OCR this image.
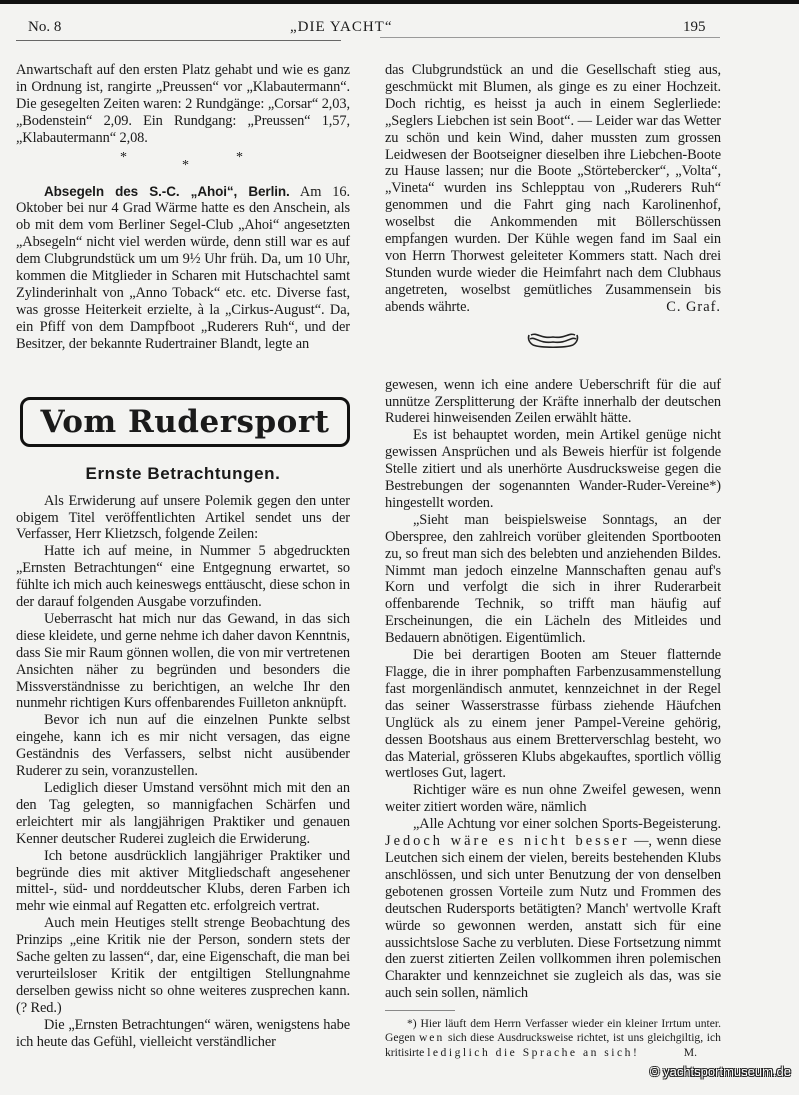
No. 8	„DIE YACHT“	195

Anwartschaft auf den ersten Platz gehabt und wie es ganz in Ordnung ist, rangirte „Preussen“ vor „Klabautermann“. Die gesegelten Zeiten waren: 2 Rundgänge: „Corsar“ 2,03, „Bodenstein“ 2,09. Ein Rundgang: „Preussen“ 1,57, „Klabautermann“ 2,08.

*
*
*

Absegeln des S.-C. „Ahoi“, Berlin. Am 16. Oktober bei nur 4 Grad Wärme hatte es den Anschein, als ob mit dem vom Berliner Segel-Club „Ahoi“ angesetzten „Absegeln“ nicht viel werden würde, denn still war es auf dem Clubgrundstück um um 9½ Uhr früh. Da, um 10 Uhr, kommen die Mitglieder in Scharen mit Hutschachtel samt Zylinderinhalt von „Anno Toback“ etc. etc. Diverse fast, was grosse Heiterkeit erzielte, à la „Cirkus-August“. Da, ein Pfiff von dem Dampfboot „Ruderers Ruh“, und der Besitzer, der bekannte Rudertrainer Blandt, legte an

Vom Rudersport
Ernste Betrachtungen.

Als Erwiderung auf unsere Polemik gegen den unter obigem Titel veröffentlichten Artikel sendet uns der Verfasser, Herr Klietzsch, folgende Zeilen:

Hatte ich auf meine, in Nummer 5 abgedruckten „Ernsten Betrachtungen“ eine Entgegnung erwartet, so fühlte ich mich auch keineswegs enttäuscht, diese schon in der darauf folgenden Ausgabe vorzufinden.

Ueberrascht hat mich nur das Gewand, in das sich diese kleidete, und gerne nehme ich daher davon Kenntnis, dass Sie mir Raum gönnen wollen, die von mir vertretenen Ansichten näher zu begründen und besonders die Missverständnisse zu berichtigen, an welche Ihr den nunmehr richtigen Kurs offenbarendes Fuilleton anknüpft.

Bevor ich nun auf die einzelnen Punkte selbst eingehe, kann ich es mir nicht versagen, das eigne Geständnis des Verfassers, selbst nicht ausübender Ruderer zu sein, voranzustellen.

Lediglich dieser Umstand versöhnt mich mit den an den Tag gelegten, so mannigfachen Schärfen und erleichtert mir als langjährigen Praktiker und genauen Kenner deutscher Ruderei zugleich die Erwiderung.

Ich betone ausdrücklich langjähriger Praktiker und begründe dies mit aktiver Mitgliedschaft angesehener mittel-, süd- und norddeutscher Klubs, deren Farben ich mehr wie einmal auf Regatten etc. erfolgreich vertrat.

Auch mein Heutiges stellt strenge Beobachtung des Prinzips „eine Kritik nie der Person, sondern stets der Sache gelten zu lassen“, dar, eine Eigenschaft, die man bei verurteilsloser Kritik der entgiltigen Stellungnahme derselben gewiss nicht so ohne weiteres zusprechen kann. (? Red.)

Die „Ernsten Betrachtungen“ wären, wenigstens habe ich heute das Gefühl, vielleicht verständlicher

das Clubgrundstück an und die Gesellschaft stieg aus, geschmückt mit Blumen, als ginge es zu einer Hochzeit. Doch richtig, es heisst ja auch in einem Seglerliede: „Seglers Liebchen ist sein Boot“. — Leider war das Wetter zu schön und kein Wind, daher mussten zum grossen Leidwesen der Bootseigner dieselben ihre Liebchen-Boote zu Hause lassen; nur die Boote „Störtebercker“, „Volta“, „Vineta“ wurden ins Schlepptau von „Ruderers Ruh“ genommen und die Fahrt ging nach Karolinenhof, woselbst die Ankommenden mit Böllerschüssen empfangen wurden. Der Kühle wegen fand im Saal ein von Herrn Thorwest geleiteter Kommers statt. Nach drei Stunden wurde wieder die Heimfahrt nach dem Clubhaus angetreten, woselbst gemütliches Zusammensein bis abends währte.	C. Graf.

gewesen, wenn ich eine andere Ueberschrift für die auf unnütze Zersplitterung der Kräfte innerhalb der deutschen Ruderei hinweisenden Zeilen erwählt hätte.

Es ist behauptet worden, mein Artikel genüge nicht gewissen Ansprüchen und als Beweis hierfür ist folgende Stelle zitiert und als unerhörte Ausdrucksweise gegen die Bestrebungen der sogenannten Wander-Ruder-Vereine*) hingestellt worden.

„Sieht man beispielsweise Sonntags, an der Oberspree, den zahlreich vorüber gleitenden Sportbooten zu, so freut man sich des belebten und anziehenden Bildes. Nimmt man jedoch einzelne Mannschaften genau auf's Korn und verfolgt die sich in ihrer Ruderarbeit offenbarende Technik, so trifft man häufig auf Erscheinungen, die ein Lächeln des Mitleides und Bedauern abnötigen. Eigentümlich.

Die bei derartigen Booten am Steuer flatternde Flagge, die in ihrer pomphaften Farbenzusammenstellung fast morgenländisch anmutet, kennzeichnet in der Regel das seiner Wasserstrasse fürbass ziehende Häufchen Unglück als zu einem jener Pampel-Vereine gehörig, dessen Bootshaus aus einem Bretterverschlag besteht, wo das Material, grösseren Klubs abgekauftes, sportlich völlig wertloses Gut, lagert.

Richtiger wäre es nun ohne Zweifel gewesen, wenn weiter zitiert worden wäre, nämlich

„Alle Achtung vor einer solchen Sports-Begeisterung. Jedoch wäre es nicht besser —, wenn diese Leutchen sich einem der vielen, bereits bestehenden Klubs anschlössen, und sich unter Benutzung der von denselben gebotenen grossen Vorteile zum Nutz und Frommen des deutschen Rudersports betätigten? Manch' wertvolle Kraft würde so gewonnen werden, anstatt sich für eine aussichtslose Sache zu verbluten. Diese Fortsetzung nimmt den zuerst zitierten Zeilen vollkommen ihren polemischen Charakter und kennzeichnet sie zugleich als das, was sie auch sein sollen, nämlich

*) Hier läuft dem Herrn Verfasser wieder ein kleiner Irrtum unter. Gegen wen sich diese Ausdrucksweise richtet, ist uns gleichgiltig, ich kritisirte lediglich die Sprache an sich!	M.

© yachtsportmuseum.de
